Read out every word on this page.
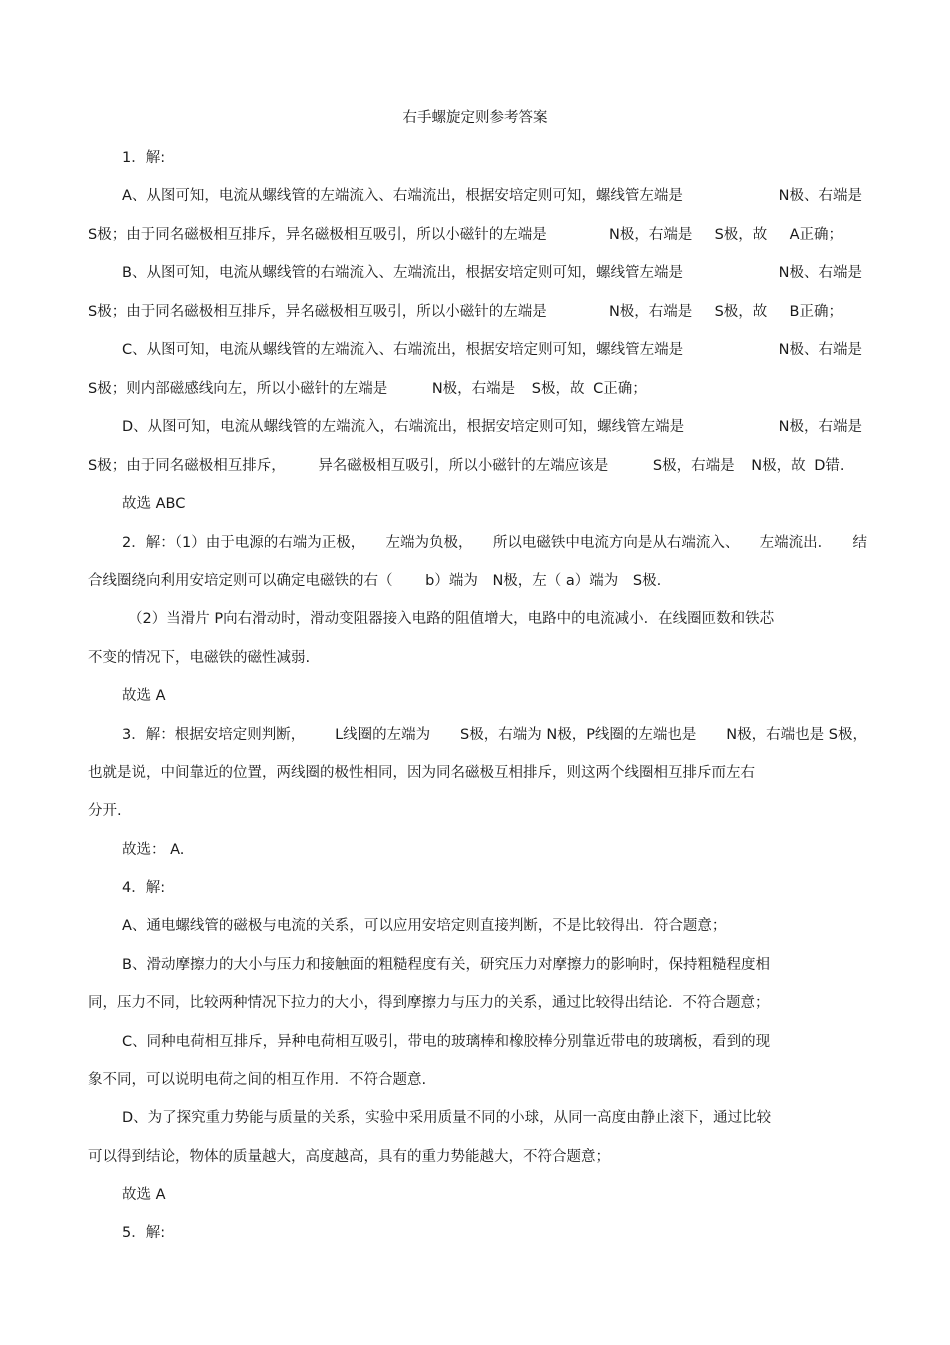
右手螺旋定则参考答案
1．解:
A、从图可知，电流从螺线管的左端流入、右端流出，根据安培定则可知，螺线管左端是	N极、右端是
S极；由于同名磁极相互排斥，异名磁极相互吸引，所以小磁针的左端是	N极，右端是 S极，故 A正确；
B、从图可知，电流从螺线管的右端流入、左端流出，根据安培定则可知，螺线管左端是	N极、右端是
S极；由于同名磁极相互排斥，异名磁极相互吸引，所以小磁针的左端是	N极，右端是 S极，故 B正确；
C、从图可知，电流从螺线管的左端流入、右端流出，根据安培定则可知，螺线管左端是	N极、右端是
S极；则内部磁感线向左，所以小磁针的左端是	N极，右端是 S极，故 C正确；
D、从图可知，电流从螺线管的左端流入，右端流出，根据安培定则可知，螺线管左端是	N极，右端是
S极；由于同名磁极相互排斥， 异名磁极相互吸引，所以小磁针的左端应该是	S极，右端是 N极，故 D错.
故选 ABC
2．解：（1）由于电源的右端为正极， 左端为负极， 所以电磁铁中电流方向是从右端流入、 左端流出． 结
合线圈绕向利用安培定则可以确定电磁铁的右（ b）端为 N极，左（ a）端为 S极.
（2）当滑片 P向右滑动时，滑动变阻器接入电路的阻值增大，电路中的电流减小．在线圈匝数和铁芯
不变的情况下，电磁铁的磁性减弱.
故选 A
3．解：根据安培定则判断， L线圈的左端为 S极，右端为 N极，P线圈的左端也是 N极，右端也是 S极，
也就是说，中间靠近的位置，两线圈的极性相同，因为同名磁极互相排斥，则这两个线圈相互排斥而左右
分开.
故选： A.
4．解:
A、通电螺线管的磁极与电流的关系，可以应用安培定则直接判断，不是比较得出．符合题意；
B、滑动摩擦力的大小与压力和接触面的粗糙程度有关，研究压力对摩擦力的影响时，保持粗糙程度相
同，压力不同，比较两种情况下拉力的大小，得到摩擦力与压力的关系，通过比较得出结论．不符合题意；
C、同种电荷相互排斥，异种电荷相互吸引，带电的玻璃棒和橡胶棒分别靠近带电的玻璃板，看到的现
象不同，可以说明电荷之间的相互作用．不符合题意.
D、为了探究重力势能与质量的关系，实验中采用质量不同的小球，从同一高度由静止滚下，通过比较
可以得到结论，物体的质量越大，高度越高，具有的重力势能越大，不符合题意；
故选 A
5．解:
